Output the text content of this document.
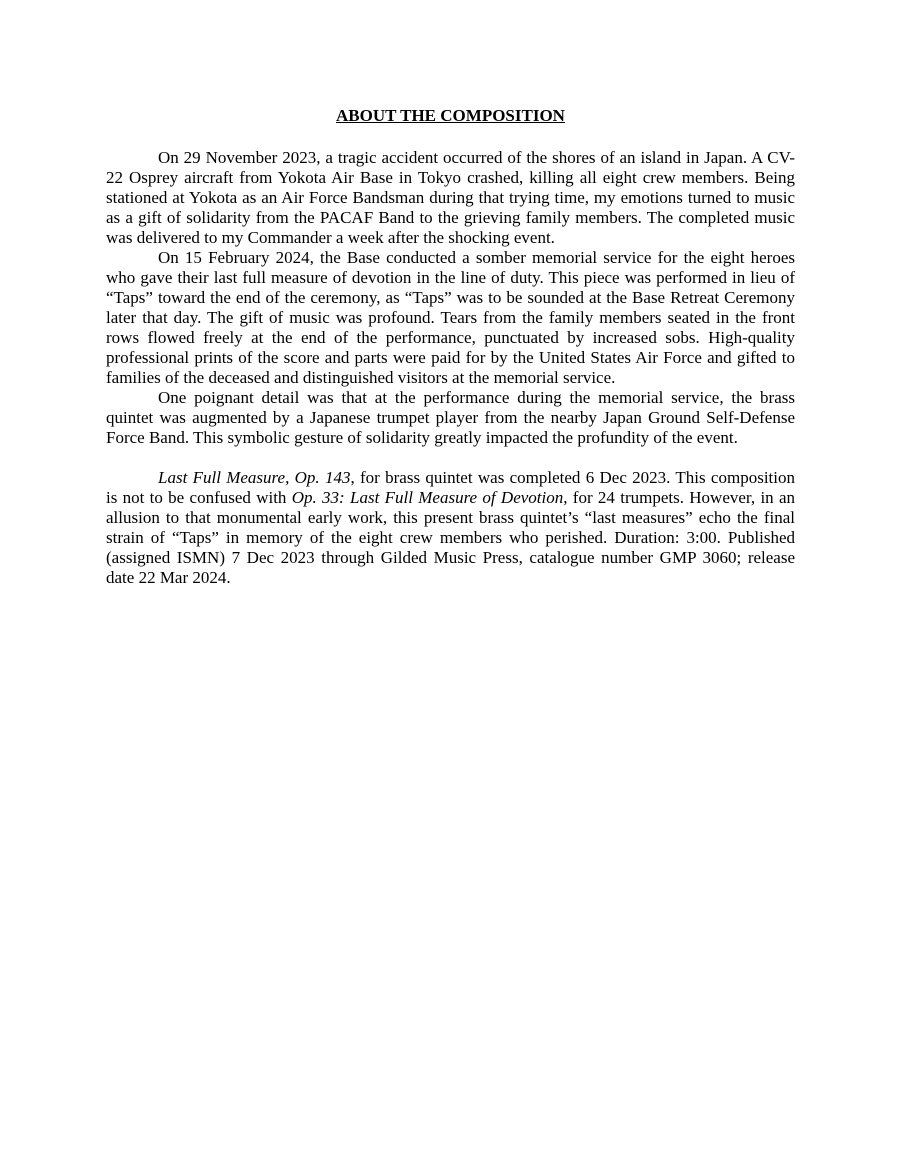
ABOUT THE COMPOSITION

On 29 November 2023, a tragic accident occurred of the shores of an island in Japan. A CV-22 Osprey aircraft from Yokota Air Base in Tokyo crashed, killing all eight crew members. Being stationed at Yokota as an Air Force Bandsman during that trying time, my emotions turned to music as a gift of solidarity from the PACAF Band to the grieving family members. The completed music was delivered to my Commander a week after the shocking event.

On 15 February 2024, the Base conducted a somber memorial service for the eight heroes who gave their last full measure of devotion in the line of duty. This piece was performed in lieu of “Taps” toward the end of the ceremony, as “Taps” was to be sounded at the Base Retreat Ceremony later that day. The gift of music was profound. Tears from the family members seated in the front rows flowed freely at the end of the performance, punctuated by increased sobs. High-quality professional prints of the score and parts were paid for by the United States Air Force and gifted to families of the deceased and distinguished visitors at the memorial service.

One poignant detail was that at the performance during the memorial service, the brass quintet was augmented by a Japanese trumpet player from the nearby Japan Ground Self-Defense Force Band. This symbolic gesture of solidarity greatly impacted the profundity of the event.

Last Full Measure, Op. 143, for brass quintet was completed 6 Dec 2023. This composition is not to be confused with Op. 33: Last Full Measure of Devotion, for 24 trumpets. However, in an allusion to that monumental early work, this present brass quintet’s “last measures” echo the final strain of “Taps” in memory of the eight crew members who perished. Duration: 3:00. Published (assigned ISMN) 7 Dec 2023 through Gilded Music Press, catalogue number GMP 3060; release date 22 Mar 2024.
